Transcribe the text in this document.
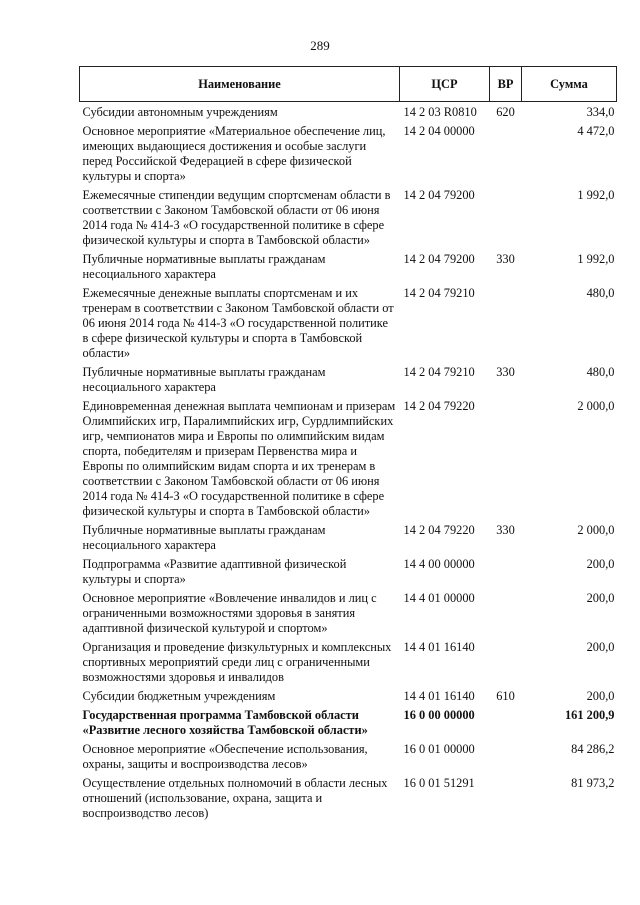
289
Наименование	ЦСР	ВР	Сумма
Субсидии автономным учреждениям	14 2 03 R0810	620	334,0
Основное мероприятие «Материальное обеспечение лиц, имеющих выдающиеся достижения и особые заслуги перед Российской Федерацией в сфере физической культуры и спорта»	14 2 04 00000		4 472,0
Ежемесячные стипендии ведущим спортсменам области в соответствии с Законом Тамбовской области от 06 июня 2014 года № 414-З «О государственной политике в сфере физической культуры и спорта в Тамбовской области»	14 2 04 79200		1 992,0
Публичные нормативные выплаты гражданам несоциального характера	14 2 04 79200	330	1 992,0
Ежемесячные денежные выплаты спортсменам и их тренерам в соответствии с Законом Тамбовской области от 06 июня 2014 года № 414-З «О государственной политике в сфере физической культуры и спорта в Тамбовской области»	14 2 04 79210		480,0
Публичные нормативные выплаты гражданам несоциального характера	14 2 04 79210	330	480,0
Единовременная денежная выплата чемпионам и призерам Олимпийских игр, Паралимпийских игр, Сурдлимпийских игр, чемпионатов мира и Европы по олимпийским видам спорта, победителям и призерам Первенства мира и Европы по олимпийским видам спорта и их тренерам в соответствии с Законом Тамбовской области от 06 июня 2014 года № 414-З «О государственной политике в сфере физической культуры и спорта в Тамбовской области»	14 2 04 79220		2 000,0
Публичные нормативные выплаты гражданам несоциального характера	14 2 04 79220	330	2 000,0
Подпрограмма «Развитие адаптивной физической культуры и спорта»	14 4 00 00000		200,0
Основное мероприятие «Вовлечение инвалидов и лиц с ограниченными возможностями здоровья в занятия адаптивной физической культурой и спортом»	14 4 01 00000		200,0
Организация и проведение физкультурных и комплексных спортивных мероприятий среди лиц с ограниченными возможностями здоровья и инвалидов	14 4 01 16140		200,0
Субсидии бюджетным учреждениям	14 4 01 16140	610	200,0
Государственная программа Тамбовской области «Развитие лесного хозяйства Тамбовской области»	16 0 00 00000		161 200,9
Основное мероприятие «Обеспечение использования, охраны, защиты и воспроизводства лесов»	16 0 01 00000		84 286,2
Осуществление отдельных полномочий в области лесных отношений (использование, охрана, защита и воспроизводство лесов)	16 0 01 51291		81 973,2
